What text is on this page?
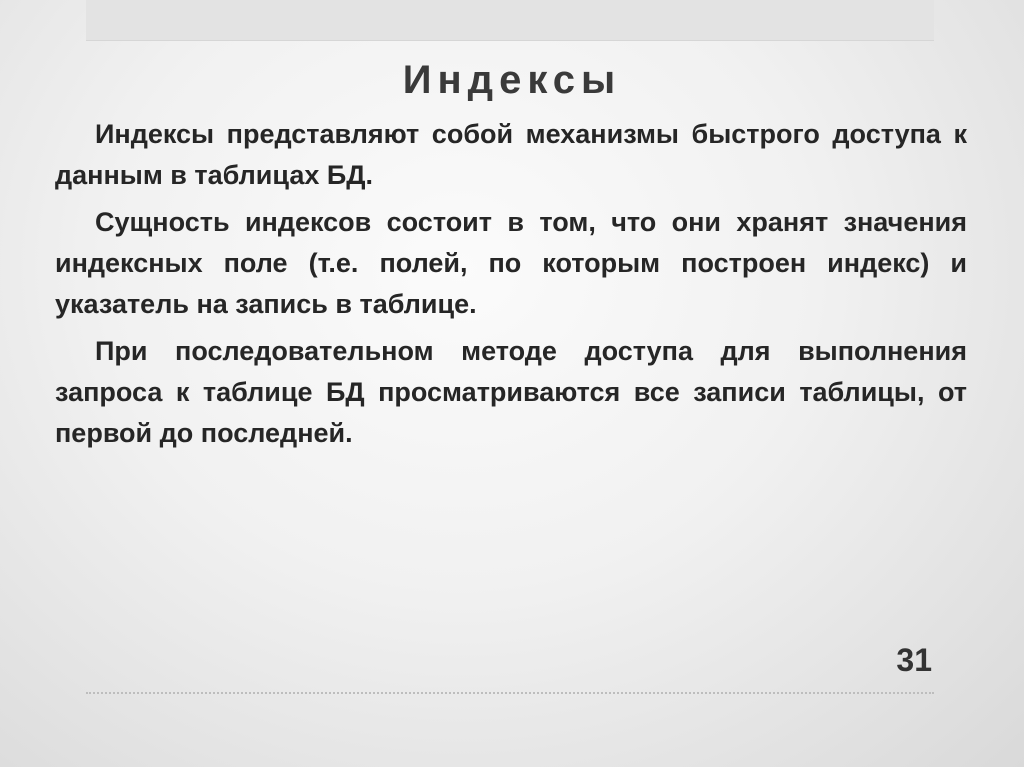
Индексы

Индексы представляют собой механизмы быстрого доступа к данным в таблицах БД.

Сущность индексов состоит в том, что они хранят значения индексных поле (т.е. полей, по которым построен индекс) и указатель на запись в таблице.

При последовательном методе доступа для выполнения запроса к таблице БД просматриваются все записи таблицы, от первой до последней.

31
